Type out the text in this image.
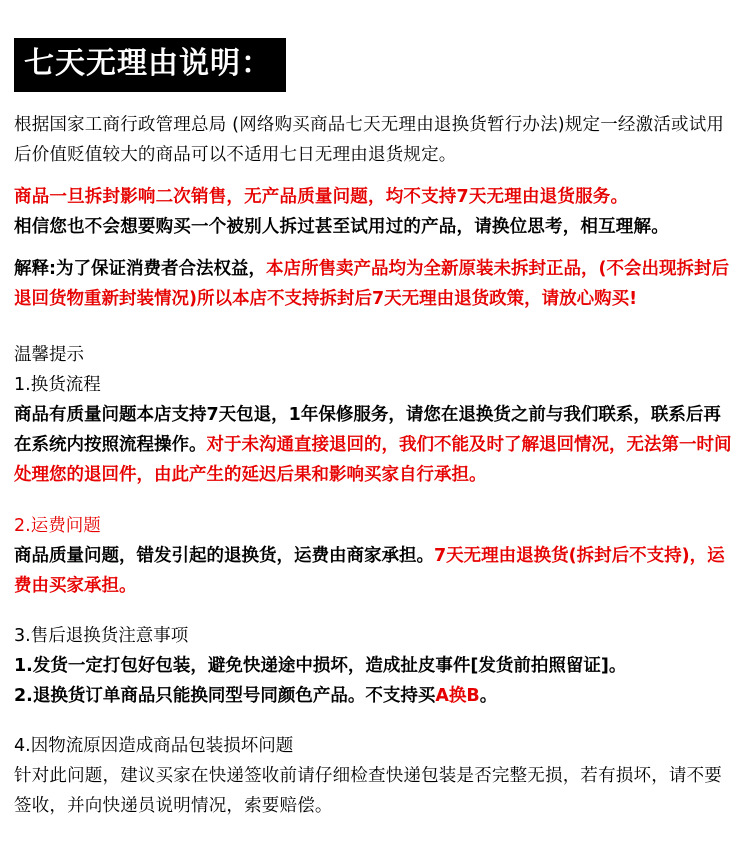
七天无理由说明：

根据国家工商行政管理总局 (网络购买商品七天无理由退换货暂行办法)规定一经激活或试用后价值贬值较大的商品可以不适用七日无理由退货规定。

商品一旦拆封影响二次销售，无产品质量问题，均不支持7天无理由退货服务。

相信您也不会想要购买一个被别人拆过甚至试用过的产品，请换位思考，相互理解。

解释:为了保证消费者合法权益，本店所售卖产品均为全新原装未拆封正品，(不会出现拆封后退回货物重新封装情况)所以本店不支持拆封后7天无理由退货政策，请放心购买!

温馨提示

1.换货流程

商品有质量问题本店支持7天包退，1年保修服务，请您在退换货之前与我们联系，联系后再在系统内按照流程操作。对于未沟通直接退回的，我们不能及时了解退回情况，无法第一时间处理您的退回件，由此产生的延迟后果和影响买家自行承担。

2.运费问题

商品质量问题，错发引起的退换货，运费由商家承担。7天无理由退换货(拆封后不支持)，运费由买家承担。

3.售后退换货注意事项

1.发货一定打包好包装，避免快递途中损坏，造成扯皮事件[发货前拍照留证]。

2.退换货订单商品只能换同型号同颜色产品。不支持买A换B。

4.因物流原因造成商品包装损坏问题

针对此问题，建议买家在快递签收前请仔细检查快递包装是否完整无损，若有损坏，请不要签收，并向快递员说明情况，索要赔偿。
